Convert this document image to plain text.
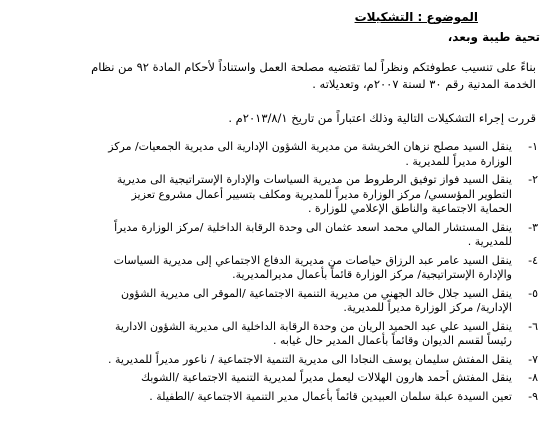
الموضوع : التشكيلات
تحية طيبة وبعد،
بناءً على تنسيب عطوفتكم ونظراً لما تقتضيه مصلحة العمل واستناداً لأحكام المادة ٩٢ من نظام
الخدمة المدنية رقم ٣٠ لسنة ٢٠٠٧م، وتعديلاته .
قررت إجراء التشكيلات التالية وذلك اعتباراً من تاريخ ٢٠١٣/٨/١م .
١-
ينقل السيد مصلح نزهان الخريشة من مديرية الشؤون الإدارية الى مديرية الجمعيات/ مركز
الوزارة مديراً للمديرية .
٢-
ينقل السيد فواز توفيق الرطروط من مديرية السياسات والإدارة الإستراتيجية الى مديرية
التطوير المؤسسي/ مركز الوزارة مديراً للمديرية ومكلف بتسيير أعمال مشروع تعزيز
الحماية الاجتماعية والناطق الإعلامي للوزارة .
٣-
ينقل المستشار المالي محمد اسعد عثمان الى وحدة الرقابة الداخلية /مركز الوزارة مديراً
للمديرية .
٤-
ينقل السيد عامر عبد الرزاق حياصات من مديرية الدفاع الاجتماعي إلى مديرية السياسات
والإدارة الإستراتيجية/ مركز الوزارة قائماً بأعمال مديرالمديرية.
٥-
ينقل السيد جلال خالد الجهني من مديرية التنمية الاجتماعية /الموقر الى مديرية الشؤون
الإدارية/ مركز الوزارة مديراً للمديرية.
٦-
ينقل السيد علي عبد الحميد الريان من وحدة الرقابة الداخلية الى مديرية الشؤون الادارية
رئيساً لقسم الديوان وقائماً بأعمال المدير حال غيابه .
٧-
ينقل المفتش سليمان يوسف النجادا الى مديرية التنمية الاجتماعية / ناعور مديراً للمديرية .
٨-
ينقل المفتش أحمد هارون الهلالات ليعمل مديراً لمديرية التنمية الاجتماعية /الشوبك
٩-
تعين السيدة عبلة سلمان العبيدين قائماً بأعمال مدير التنمية الاجتماعية /الطفيلة .
